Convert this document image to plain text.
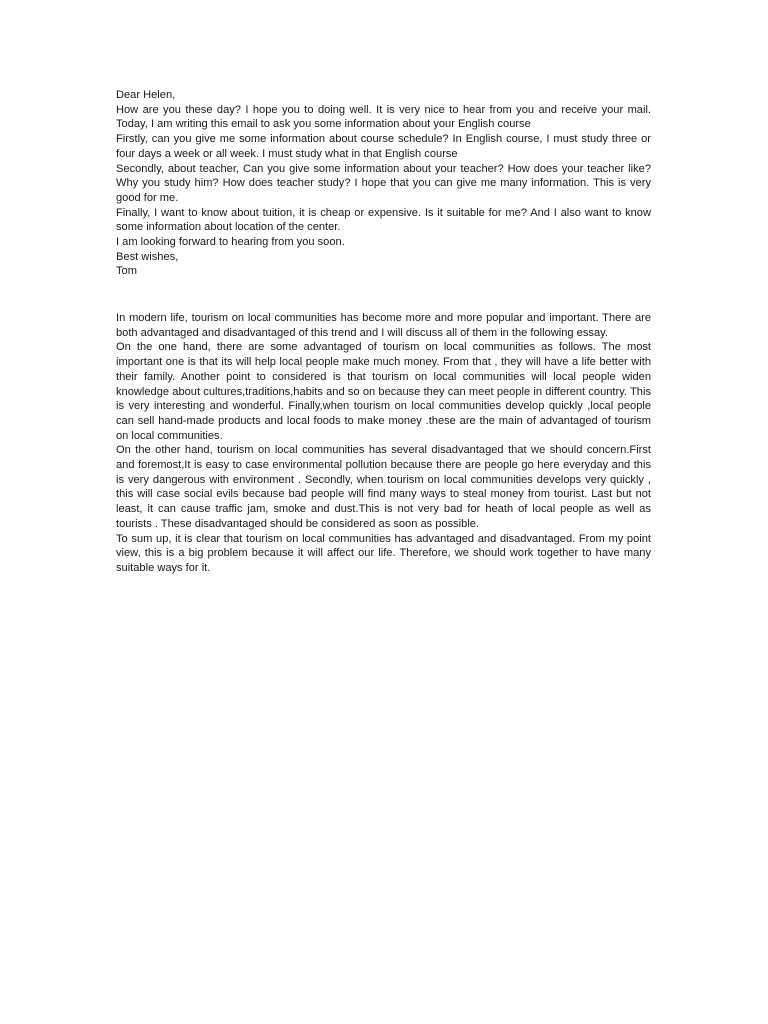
Dear Helen,

How are you these day? I hope you to doing well. It is very nice to hear from you and receive your mail. Today, I am writing this email to ask you some information about your English course

Firstly, can you give me some information about course schedule? In English course, I must study three or four days a week or all week. I must study what in that English course

Secondly, about teacher, Can you give some information about your teacher? How does your teacher like? Why you study him? How does teacher study? I hope that you can give me many information. This is very good for me.

Finally, I want to know about tuition, it is cheap or expensive. Is it suitable for me? And I also want to know some information about location of the center.

I am looking forward to hearing from you soon.

Best wishes,

Tom

In modern life, tourism on local communities has become more and more popular and important. There are both advantaged and disadvantaged of this trend and I will discuss all of them in the following essay.

On the one hand, there are some advantaged of tourism on local communities as follows. The most important one is that its will help local people make much money. From that , they will have a life better with their family. Another point to considered is that tourism on local communities will local people widen knowledge about cultures,traditions,habits and so on because they can meet people in different country. This is very interesting and wonderful. Finally,when tourism on local communities develop quickly ,local people can sell hand-made products and local foods to make money .these are the main of advantaged of tourism on local communities.

On the other hand, tourism on local communities has several disadvantaged that we should concern.First and foremost,It is easy to case environmental pollution because there are people go here everyday and this is very dangerous with environment . Secondly, when tourism on local communities develops very quickly , this will case social evils because bad people will find many ways to steal money from tourist. Last but not least, it can cause traffic jam, smoke and dust.This is not very bad for heath of local people as well as tourists . These disadvantaged should be considered as soon as possible.

To sum up, it is clear that tourism on local communities has advantaged and disadvantaged. From my point view, this is a big problem because it will affect our life. Therefore, we should work together to have many suitable ways for it.
